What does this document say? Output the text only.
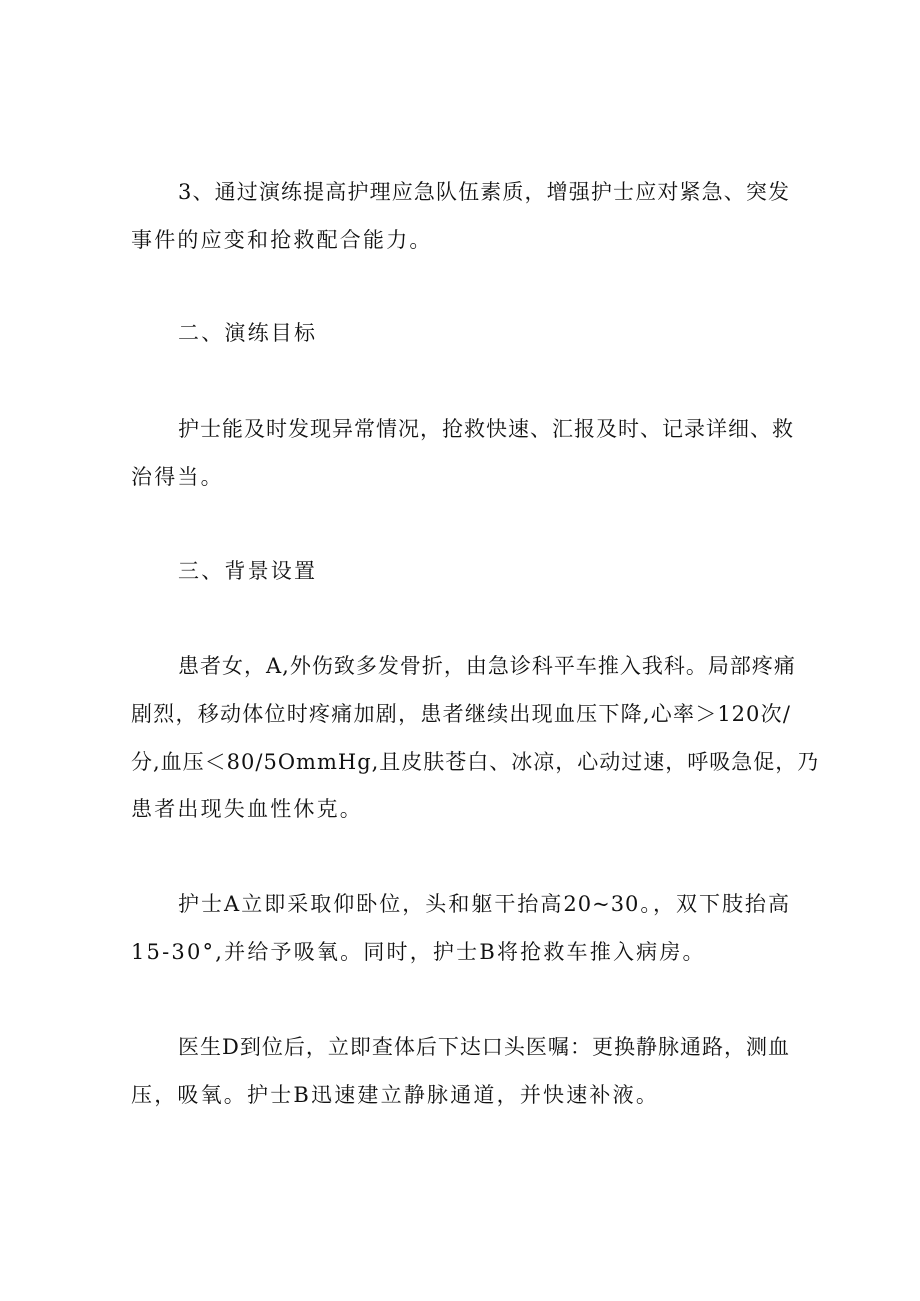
3、通过演练提高护理应急队伍素质，增强护士应对紧急、突发
事件的应变和抢救配合能力。
二、演练目标
护士能及时发现异常情况，抢救快速、汇报及时、记录详细、救
治得当。
三、背景设置
患者女，A,外伤致多发骨折，由急诊科平车推入我科。局部疼痛
剧烈，移动体位时疼痛加剧，患者继续出现血压下降,心率＞120次/
分,血压＜80/5OmmHg,且皮肤苍白、冰凉，心动过速，呼吸急促，乃
患者出现失血性休克。
护士A立即采取仰卧位，头和躯干抬高20~30。，双下肢抬高
15-30°,并给予吸氧。同时，护士B将抢救车推入病房。
医生D到位后，立即查体后下达口头医嘱：更换静脉通路，测血
压，吸氧。护士B迅速建立静脉通道，并快速补液。
